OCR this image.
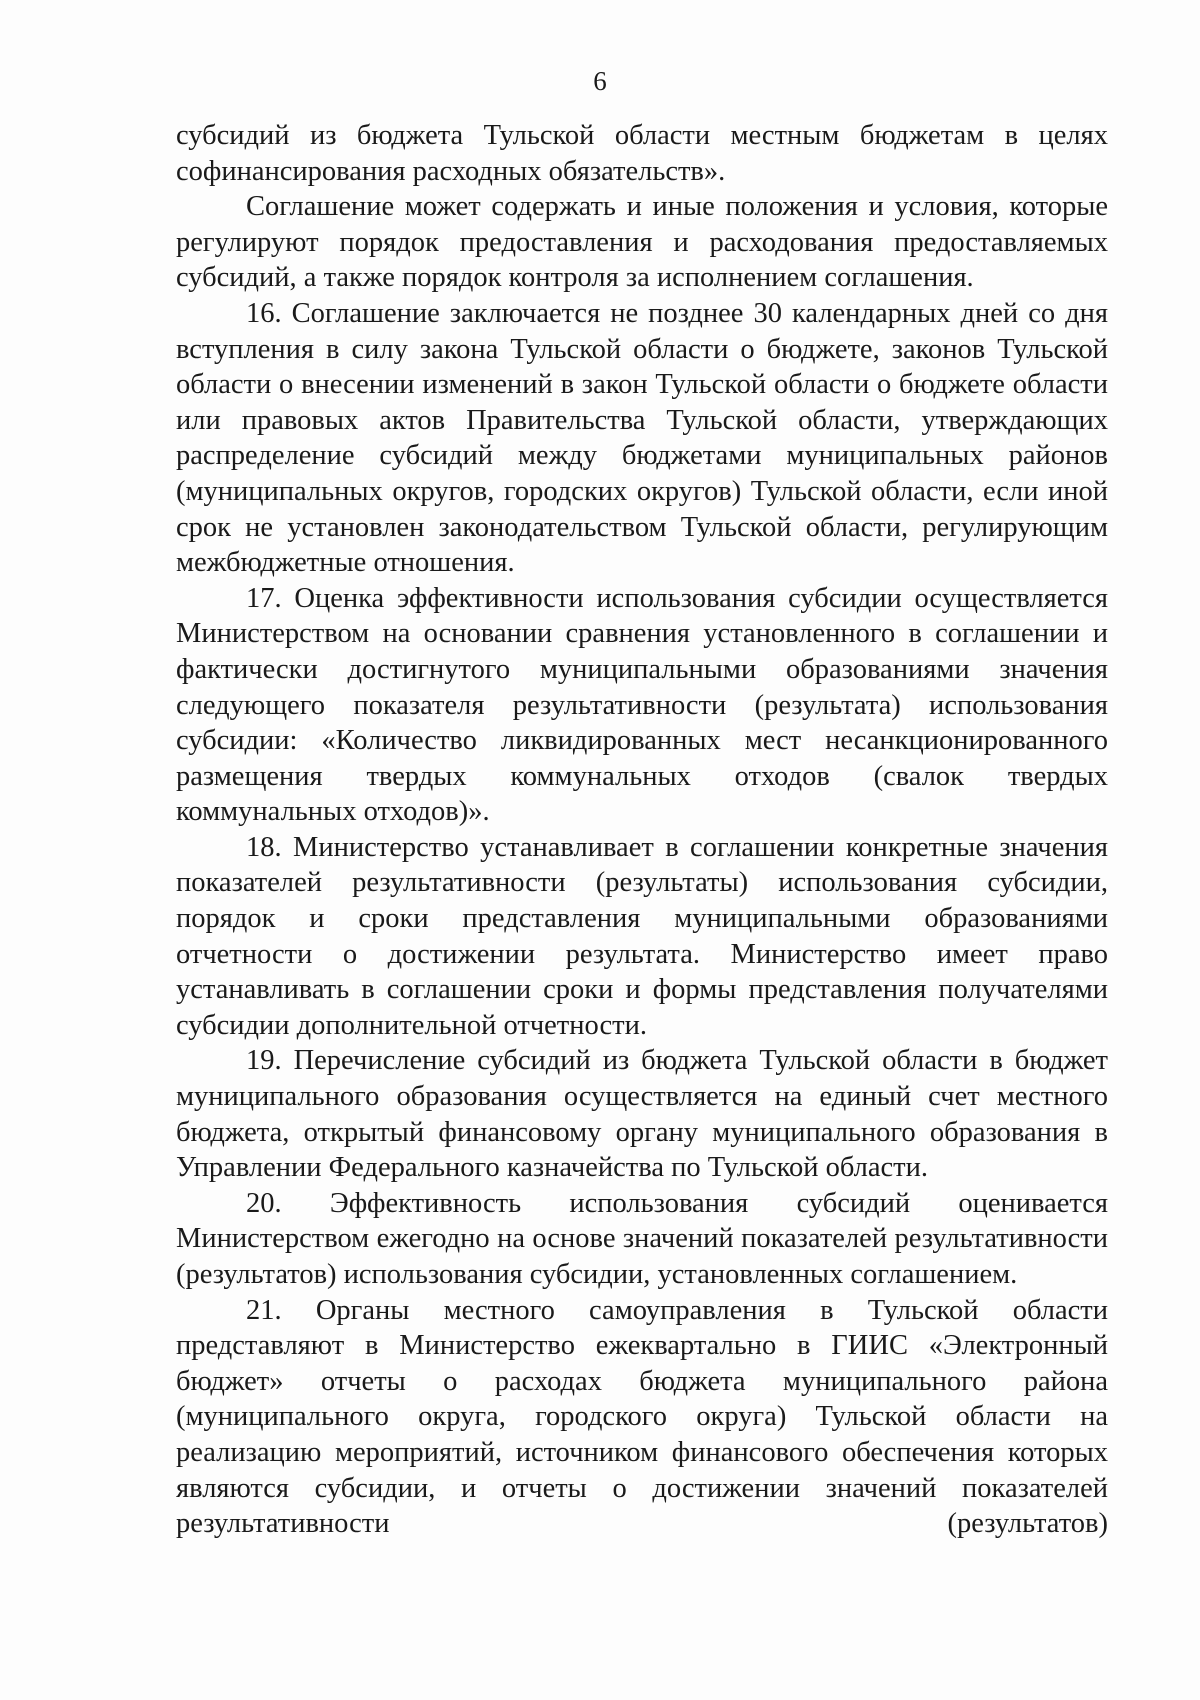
6

субсидий из бюджета Тульской области местным бюджетам в целях софинансирования расходных обязательств».

Соглашение может содержать и иные положения и условия, которые регулируют порядок предоставления и расходования предоставляемых субсидий, а также порядок контроля за исполнением соглашения.

16. Соглашение заключается не позднее 30 календарных дней со дня вступления в силу закона Тульской области о бюджете, законов Тульской области о внесении изменений в закон Тульской области о бюджете области или правовых актов Правительства Тульской области, утверждающих распределение субсидий между бюджетами муниципальных районов (муниципальных округов, городских округов) Тульской области, если иной срок не установлен законодательством Тульской области, регулирующим межбюджетные отношения.

17. Оценка эффективности использования субсидии осуществляется Министерством на основании сравнения установленного в соглашении и фактически достигнутого муниципальными образованиями значения следующего показателя результативности (результата) использования субсидии: «Количество ликвидированных мест несанкционированного размещения твердых коммунальных отходов (свалок твердых коммунальных отходов)».

18. Министерство устанавливает в соглашении конкретные значения показателей результативности (результаты) использования субсидии, порядок и сроки представления муниципальными образованиями отчетности о достижении результата. Министерство имеет право устанавливать в соглашении сроки и формы представления получателями субсидии дополнительной отчетности.

19. Перечисление субсидий из бюджета Тульской области в бюджет муниципального образования осуществляется на единый счет местного бюджета, открытый финансовому органу муниципального образования в Управлении Федерального казначейства по Тульской области.

20. Эффективность использования субсидий оценивается Министерством ежегодно на основе значений показателей результативности (результатов) использования субсидии, установленных соглашением.

21. Органы местного самоуправления в Тульской области представляют в Министерство ежеквартально в ГИИС «Электронный бюджет» отчеты о расходах бюджета муниципального района (муниципального округа, городского округа) Тульской области на реализацию мероприятий, источником финансового обеспечения которых являются субсидии, и отчеты о достижении значений показателей результативности (результатов)
